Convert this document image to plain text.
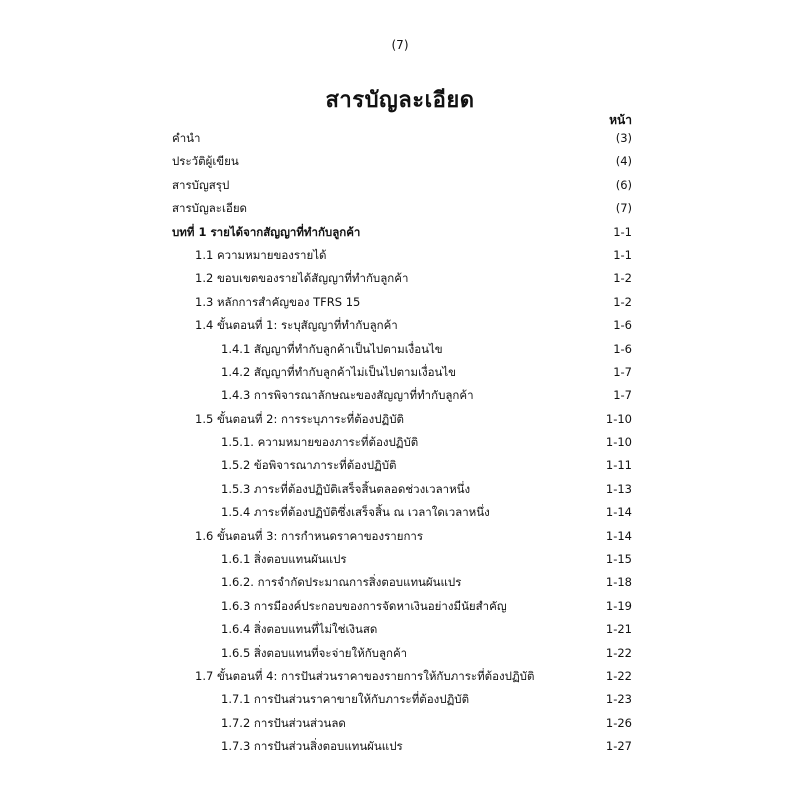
(7)
สารบัญละเอียด
หน้า
คำนำ	(3)
ประวัติผู้เขียน	(4)
สารบัญสรุป	(6)
สารบัญละเอียด	(7)
บทที่ 1 รายได้จากสัญญาที่ทำกับลูกค้า	1-1
1.1 ความหมายของรายได้	1-1
1.2 ขอบเขตของรายได้สัญญาที่ทำกับลูกค้า	1-2
1.3 หลักการสำคัญของ TFRS 15	1-2
1.4 ขั้นตอนที่ 1: ระบุสัญญาที่ทำกับลูกค้า	1-6
1.4.1 สัญญาที่ทำกับลูกค้าเป็นไปตามเงื่อนไข	1-6
1.4.2 สัญญาที่ทำกับลูกค้าไม่เป็นไปตามเงื่อนไข	1-7
1.4.3 การพิจารณาลักษณะของสัญญาที่ทำกับลูกค้า	1-7
1.5 ขั้นตอนที่ 2: การระบุภาระที่ต้องปฏิบัติ	1-10
1.5.1. ความหมายของภาระที่ต้องปฏิบัติ	1-10
1.5.2 ข้อพิจารณาภาระที่ต้องปฏิบัติ	1-11
1.5.3 ภาระที่ต้องปฏิบัติเสร็จสิ้นตลอดช่วงเวลาหนึ่ง	1-13
1.5.4 ภาระที่ต้องปฏิบัติซึ่งเสร็จสิ้น ณ เวลาใดเวลาหนึ่ง	1-14
1.6 ขั้นตอนที่ 3: การกำหนดราคาของรายการ	1-14
1.6.1 สิ่งตอบแทนผันแปร	1-15
1.6.2. การจำกัดประมาณการสิ่งตอบแทนผันแปร	1-18
1.6.3 การมีองค์ประกอบของการจัดหาเงินอย่างมีนัยสำคัญ	1-19
1.6.4 สิ่งตอบแทนที่ไม่ใช่เงินสด	1-21
1.6.5 สิ่งตอบแทนที่จะจ่ายให้กับลูกค้า	1-22
1.7 ขั้นตอนที่ 4: การปันส่วนราคาของรายการให้กับภาระที่ต้องปฏิบัติ	1-22
1.7.1 การปันส่วนราคาขายให้กับภาระที่ต้องปฏิบัติ	1-23
1.7.2 การปันส่วนส่วนลด	1-26
1.7.3 การปันส่วนสิ่งตอบแทนผันแปร	1-27
